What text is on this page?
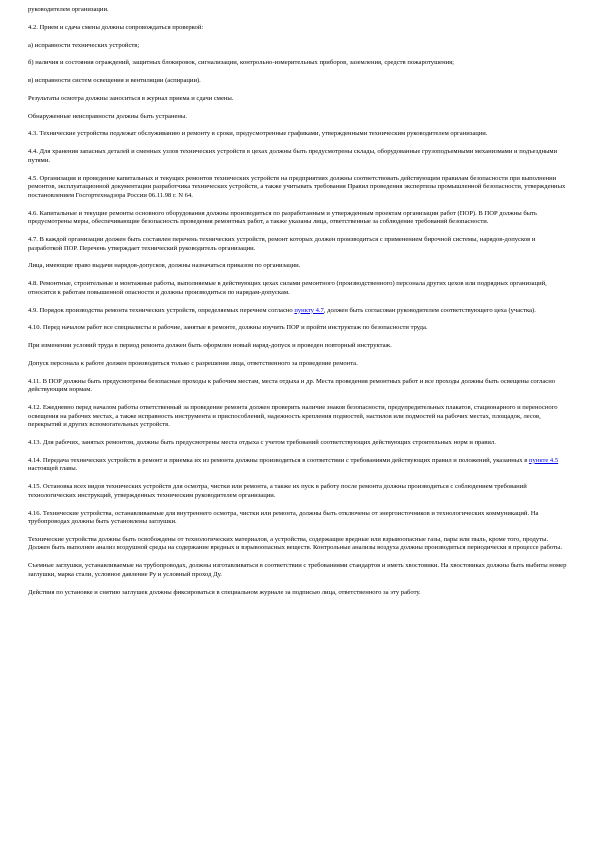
руководителем организации.

4.2. Прием и сдача смены должны сопровождаться проверкой:

а) исправности технических устройств;

б) наличия и состояния ограждений, защитных блокировок, сигнализации, контрольно-измерительных приборов, заземления, средств пожаротушения;

в) исправности систем освещения и вентиляции (аспирации).

Результаты осмотра должны заноситься в журнал приема и сдачи смены.

Обнаруженные неисправности должны быть устранены.

4.3. Технические устройства подлежат обслуживанию и ремонту в сроки, предусмотренные графиками, утвержденными техническим руководителем организации.

4.4. Для хранения запасных деталей и сменных узлов технических устройств в цехах должны быть предусмотрены склады, оборудованные грузоподъемными механизмами и подъездными путями.

4.5. Организация и проведение капитальных и текущих ремонтов технических устройств на предприятиях должны соответствовать действующим правилам безопасности при выполнении ремонтов, эксплуатационной документации разработчика технических устройств, а также учитывать требования Правил проведения экспертизы промышленной безопасности, утвержденных постановлением Госгортехнадзора России 06.11.98 г. N 64.

4.6. Капитальные и текущие ремонты основного оборудования должны производиться по разработанным и утвержденным проектам организации работ (ПОР). В ПОР должны быть предусмотрены меры, обеспечивающие безопасность проведения ремонтных работ, а также указаны лица, ответственные за соблюдение требований безопасности.

4.7. В каждой организации должен быть составлен перечень технических устройств, ремонт которых должен производиться с применением бирочной системы, нарядов-допусков и разработкой ПОР. Перечень утверждает технический руководитель организации.

Лица, имеющие право выдачи нарядов-допусков, должны назначаться приказом по организации.

4.8. Ремонтные, строительные и монтажные работы, выполняемые в действующих цехах силами ремонтного (производственного) персонала других цехов или подрядных организаций, относятся к работам повышенной опасности и должны производиться по нарядам-допускам.

4.9. Порядок производства ремонта технических устройств, определяемых перечнем согласно пункту 4.7, должен быть согласован руководителем соответствующего цеха (участка).

4.10. Перед началом работ все специалисты и рабочие, занятые в ремонте, должны изучить ПОР и пройти инструктаж по безопасности труда.

При изменении условий труда в период ремонта должен быть оформлен новый наряд-допуск и проведен повторный инструктаж.

Допуск персонала к работе должен производиться только с разрешения лица, ответственного за проведение ремонта.

4.11. В ПОР должны быть предусмотрены безопасные проходы к рабочим местам, места отдыха и др. Места проведения ремонтных работ и все проходы должны быть освещены согласно действующим нормам.

4.12. Ежедневно перед началом работы ответственный за проведение ремонта должен проверить наличие знаков безопасности, предупредительных плакатов, стационарного и переносного освещения на рабочих местах, а также исправность инструмента и приспособлений, надежность крепления подмостей, настилов или подмостей на рабочих местах, площадок, лесов, перекрытий и других вспомогательных устройств.

4.13. Для рабочих, занятых ремонтом, должны быть предусмотрены места отдыха с учетом требований соответствующих действующих строительных норм и правил.

4.14. Передача технических устройств в ремонт и приемка их из ремонта должны производиться в соответствии с требованиями действующих правил и положений, указанных в пункте 4.5 настоящей главы.

4.15. Остановка всех видов технических устройств для осмотра, чистки или ремонта, а также их пуск в работу после ремонта должны производиться с соблюдением требований технологических инструкций, утвержденных техническим руководителем организации.

4.16. Технические устройства, останавливаемые для внутреннего осмотра, чистки или ремонта, должны быть отключены от энергоисточников и технологических коммуникаций. На трубопроводах должны быть установлены заглушки.

Технические устройства должны быть освобождены от технологических материалов, а устройства, содержащие вредные или взрывоопасные газы, пары или пыль, кроме того, продуты. Должен быть выполнен анализ воздушной среды на содержание вредных и взрывоопасных веществ. Контрольные анализы воздуха должны производиться периодически в процессе работы.

Съемные заглушки, устанавливаемые на трубопроводах, должны изготавливаться в соответствии с требованиями стандартов и иметь хвостовики. На хвостовиках должны быть выбиты номер заглушки, марка стали, условное давление Ру и условный проход Ду.

Действия по установке и снятию заглушек должны фиксироваться в специальном журнале за подписью лица, ответственного за эту работу.
